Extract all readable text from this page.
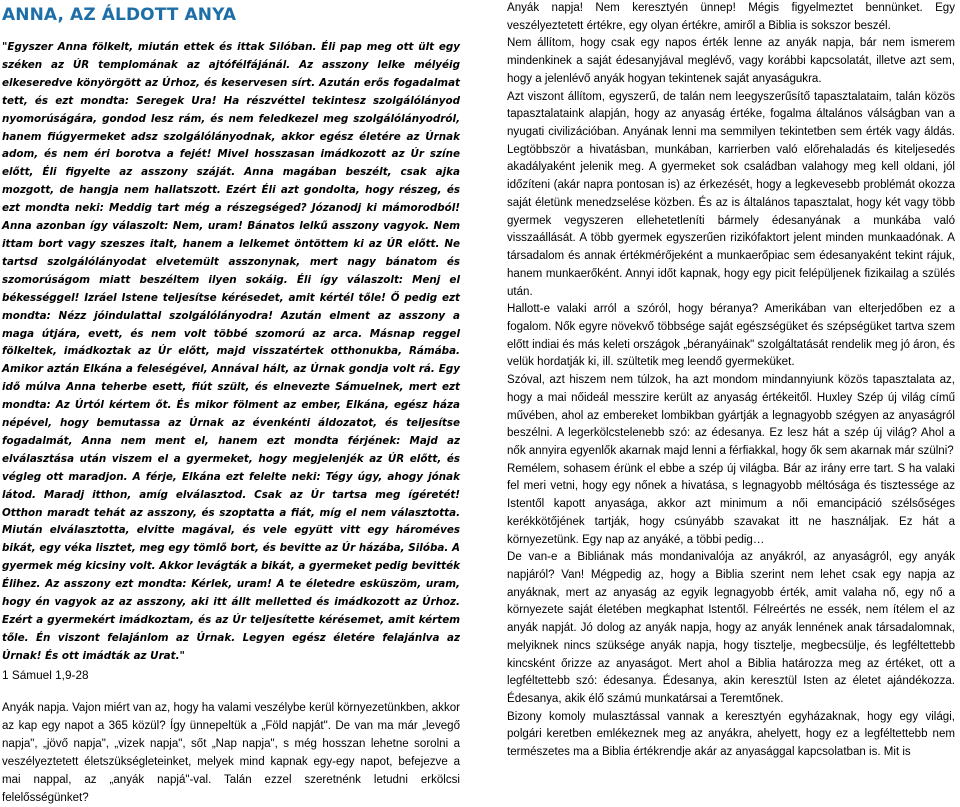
ANNA, AZ ÁLDOTT ANYA

"Egyszer Anna fölkelt, miután ettek és ittak Silóban. Éli pap meg ott ült egy széken az ÚR templomának az ajtófélfájánál. Az asszony lelke mélyéig elkeseredve könyörgött az Úrhoz, és keservesen sírt. Azután erős fogadalmat tett, és ezt mondta: Seregek Ura! Ha részvéttel tekintesz szolgálólányod nyomorúságára, gondod lesz rám, és nem feledkezel meg szolgálólányodról, hanem fiúgyermeket adsz szolgálólányodnak, akkor egész életére az Úrnak adom, és nem éri borotva a fejét! Mivel hosszasan imádkozott az Úr színe előtt, Éli figyelte az asszony száját. Anna magában beszélt, csak ajka mozgott, de hangja nem hallatszott. Ezért Éli azt gondolta, hogy részeg, és ezt mondta neki: Meddig tart még a részegséged? Józanodj ki mámorodból! Anna azonban így válaszolt: Nem, uram! Bánatos lelkű asszony vagyok. Nem ittam bort vagy szeszes italt, hanem a lelkemet öntöttem ki az ÚR előtt. Ne tartsd szolgálólányodat elvetemült asszonynak, mert nagy bánatom és szomorúságom miatt beszéltem ilyen sokáig. Éli így válaszolt: Menj el békességgel! Izráel Istene teljesítse kérésedet, amit kértél tőle! Ő pedig ezt mondta: Nézz jóindulattal szolgálólányodra! Azután elment az asszony a maga útjára, evett, és nem volt többé szomorú az arca. Másnap reggel fölkeltek, imádkoztak az Úr előtt, majd visszatértek otthonukba, Rámába. Amikor aztán Elkána a feleségével, Annával hált, az Úrnak gondja volt rá. Egy idő múlva Anna teherbe esett, fiút szült, és elnevezte Sámuelnek, mert ezt mondta: Az Úrtól kértem őt. És mikor fölment az ember, Elkána, egész háza népével, hogy bemutassa az Úrnak az évenkénti áldozatot, és teljesítse fogadalmát, Anna nem ment el, hanem ezt mondta férjének: Majd az elválasztása után viszem el a gyermeket, hogy megjelenjék az ÚR előtt, és végleg ott maradjon. A férje, Elkána ezt felelte neki: Tégy úgy, ahogy jónak látod. Maradj itthon, amíg elválasztod. Csak az Úr tartsa meg ígéretét! Otthon maradt tehát az asszony, és szoptatta a fiát, míg el nem választotta. Miután elválasztotta, elvitte magával, és vele együtt vitt egy hároméves bikát, egy véka lisztet, meg egy tömlő bort, és bevitte az Úr házába, Silóba. A gyermek még kicsiny volt. Akkor levágták a bikát, a gyermeket pedig bevitték Élihez. Az asszony ezt mondta: Kérlek, uram! A te életedre esküszöm, uram, hogy én vagyok az az asszony, aki itt állt melletted és imádkozott az Úrhoz. Ezért a gyermekért imádkoztam, és az Úr teljesítette kérésemet, amit kértem tőle. Én viszont felajánlom az Úrnak. Legyen egész életére felajánlva az Úrnak! És ott imádták az Urat."

1 Sámuel 1,9-28

Anyák napja. Vajon miért van az, hogy ha valami veszélybe kerül környezetünkben, akkor az kap egy napot a 365 közül? Így ünnepeltük a „Föld napját". De van ma már „levegő napja", „jövő napja", „vizek napja", sőt „Nap napja", s még hosszan lehetne sorolni a veszélyeztetett életszükségleteinket, melyek mind kapnak egy-egy napot, befejezve a mai nappal, az „anyák napjá"-val. Talán ezzel szeretnénk letudni erkölcsi felelősségünket?

Anyák napja! Nem keresztyén ünnep! Mégis figyelmeztet bennünket. Egy veszélyeztetett értékre, egy olyan értékre, amiről a Biblia is sokszor beszél.

Nem állítom, hogy csak egy napos érték lenne az anyák napja, bár nem ismerem mindenkinek a saját édesanyjával meglévő, vagy korábbi kapcsolatát, illetve azt sem, hogy a jelenlévő anyák hogyan tekintenek saját anyaságukra.

Azt viszont állítom, egyszerű, de talán nem leegyszerűsítő tapasztalataim, talán közös tapasztalataink alapján, hogy az anyaság értéke, fogalma általános válságban van a nyugati civilizációban. Anyának lenni ma semmilyen tekintetben sem érték vagy áldás. Legtöbbször a hivatásban, munkában, karrierben való előrehaladás és kiteljesedés akadályaként jelenik meg. A gyermeket sok családban valahogy meg kell oldani, jól időzíteni (akár napra pontosan is) az érkezését, hogy a legkevesebb problémát okozza saját életünk menedzselése közben. És az is általános tapasztalat, hogy két vagy több gyermek vegyszeren ellehetetleníti bármely édesanyának a munkába való visszaállását. A több gyermek egyszerűen rizikófaktort jelent minden munkaadónak. A társadalom és annak értékmérőjeként a munkaerőpiac sem édesanyaként tekint rájuk, hanem munkaerőként. Annyi időt kapnak, hogy egy picit felépüljenek fizikailag a szülés után.

Hallott-e valaki arról a szóról, hogy béranya? Amerikában van elterjedőben ez a fogalom. Nők egyre növekvő többsége saját egészségüket és szépségüket tartva szem előtt indiai és más keleti országok „béranyáinak" szolgáltatását rendelik meg jó áron, és velük hordatják ki, ill. szültetik meg leendő gyermeküket.

Szóval, azt hiszem nem túlzok, ha azt mondom mindannyiunk közös tapasztalata az, hogy a mai nőideál messzire került az anyaság értékeitől. Huxley Szép új világ című művében, ahol az embereket lombikban gyártják a legnagyobb szégyen az anyaságról beszélni. A legerkölcstelenebb szó: az édesanya. Ez lesz hát a szép új világ? Ahol a nők annyira egyenlők akarnak majd lenni a férfiakkal, hogy ők sem akarnak már szülni?

Remélem, sohasem érünk el ebbe a szép új világba. Bár az irány erre tart. S ha valaki fel meri vetni, hogy egy nőnek a hivatása, s legnagyobb méltósága és tisztessége az Istentől kapott anyasága, akkor azt minimum a női emancipáció szélsőséges kerékkötőjének tartják, hogy csúnyább szavakat itt ne használjak. Ez hát a környezetünk. Egy nap az anyáké, a többi pedig…

De van-e a Bibliának más mondanivalója az anyákról, az anyaságról, egy anyák napjáról? Van! Mégpedig az, hogy a Biblia szerint nem lehet csak egy napja az anyáknak, mert az anyaság az egyik legnagyobb érték, amit valaha nő, egy nő a környezete saját életében megkaphat Istentől. Félreértés ne essék, nem ítélem el az anyák napját. Jó dolog az anyák napja, hogy az anyák lennének anak társadalomnak, melyiknek nincs szüksége anyák napja, hogy tisztelje, megbecsülje, és legféltettebb kincsként őrizze az anyaságot. Mert ahol a Biblia határozza meg az értéket, ott a legféltettebb szó: édesanya. Édesanya, akin keresztül Isten az életet ajándékozza. Édesanya, akik élő számú munkatársai a Teremtőnek.

Bizony komoly mulasztással vannak a keresztyén egyházaknak, hogy egy világi, polgári keretben emlékeznek meg az anyákra, ahelyett, hogy ez a legféltettebb nem természetes ma a Biblia értékrendje akár az anyasággal kapcsolatban is. Mit is
